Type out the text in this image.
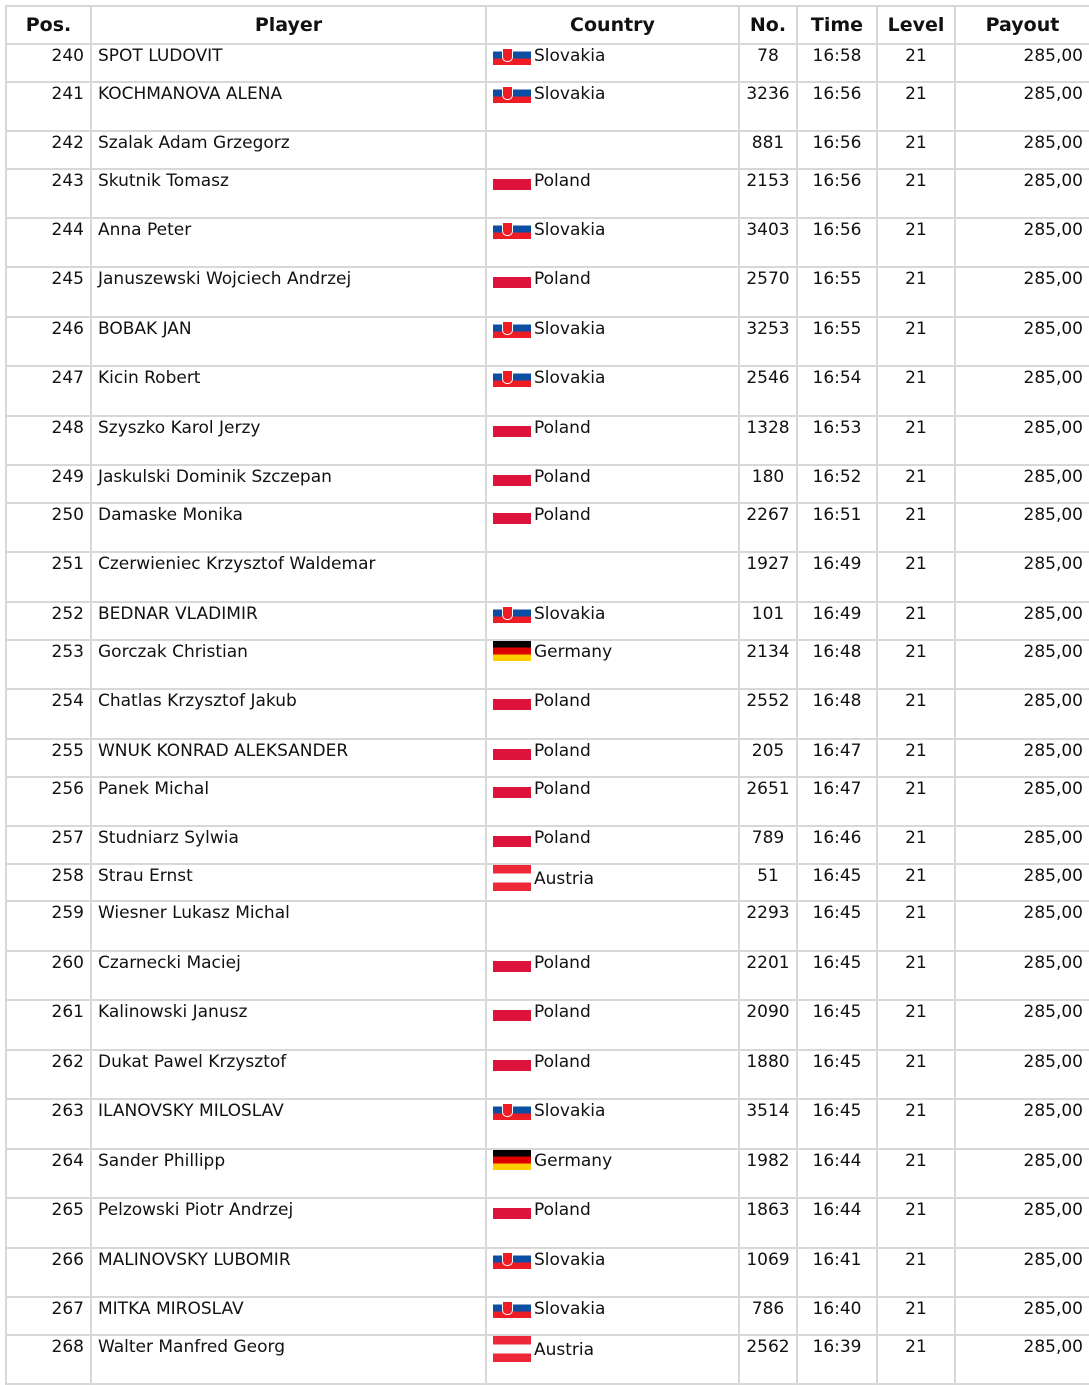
Pos.	Player	Country	No.	Time	Level	Payout
240	SPOT LUDOVIT	Slovakia	78	16:58	21	285,00
241	KOCHMANOVA ALENA	Slovakia	3236	16:56	21	285,00
242	Szalak Adam Grzegorz		881	16:56	21	285,00
243	Skutnik Tomasz	Poland	2153	16:56	21	285,00
244	Anna Peter	Slovakia	3403	16:56	21	285,00
245	Januszewski Wojciech Andrzej	Poland	2570	16:55	21	285,00
246	BOBAK JAN	Slovakia	3253	16:55	21	285,00
247	Kicin Robert	Slovakia	2546	16:54	21	285,00
248	Szyszko Karol Jerzy	Poland	1328	16:53	21	285,00
249	Jaskulski Dominik Szczepan	Poland	180	16:52	21	285,00
250	Damaske Monika	Poland	2267	16:51	21	285,00
251	Czerwieniec Krzysztof Waldemar		1927	16:49	21	285,00
252	BEDNAR VLADIMIR	Slovakia	101	16:49	21	285,00
253	Gorczak Christian	Germany	2134	16:48	21	285,00
254	Chatlas Krzysztof Jakub	Poland	2552	16:48	21	285,00
255	WNUK KONRAD ALEKSANDER	Poland	205	16:47	21	285,00
256	Panek Michal	Poland	2651	16:47	21	285,00
257	Studniarz Sylwia	Poland	789	16:46	21	285,00
258	Strau Ernst	Austria	51	16:45	21	285,00
259	Wiesner Lukasz Michal		2293	16:45	21	285,00
260	Czarnecki Maciej	Poland	2201	16:45	21	285,00
261	Kalinowski Janusz	Poland	2090	16:45	21	285,00
262	Dukat Pawel Krzysztof	Poland	1880	16:45	21	285,00
263	ILANOVSKY MILOSLAV	Slovakia	3514	16:45	21	285,00
264	Sander Phillipp	Germany	1982	16:44	21	285,00
265	Pelzowski Piotr Andrzej	Poland	1863	16:44	21	285,00
266	MALINOVSKY LUBOMIR	Slovakia	1069	16:41	21	285,00
267	MITKA MIROSLAV	Slovakia	786	16:40	21	285,00
268	Walter Manfred Georg	Austria	2562	16:39	21	285,00
